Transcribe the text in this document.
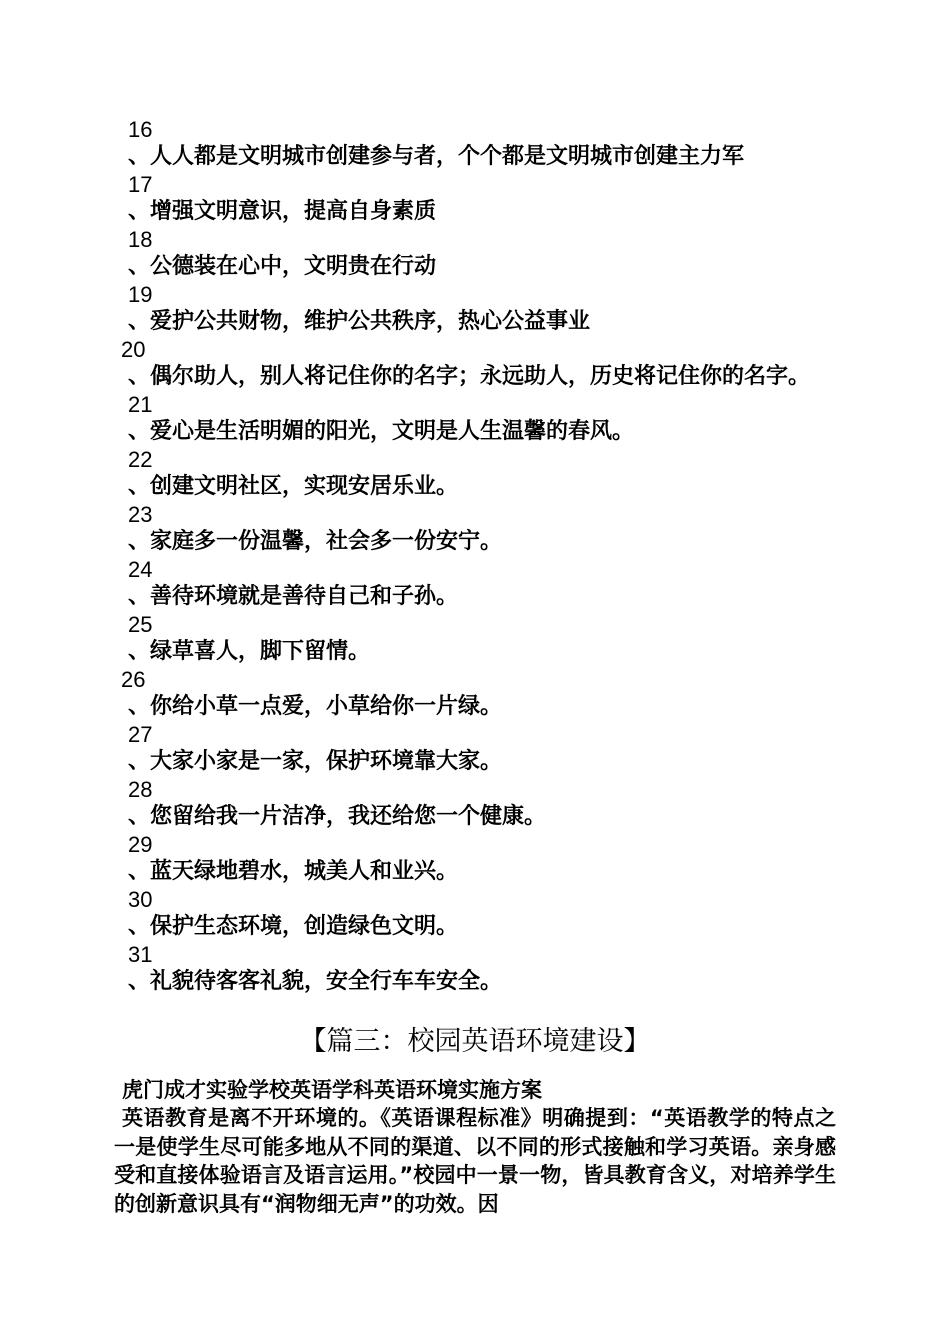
16
、人人都是文明城市创建参与者，个个都是文明城市创建主力军
17
、增强文明意识，提高自身素质
18
、公德装在心中，文明贵在行动
19
、爱护公共财物，维护公共秩序，热心公益事业
20
、偶尔助人，别人将记住你的名字；永远助人，历史将记住你的名字。
21
、爱心是生活明媚的阳光，文明是人生温馨的春风。
22
、创建文明社区，实现安居乐业。
23
、家庭多一份温馨，社会多一份安宁。
24
、善待环境就是善待自己和子孙。
25
、绿草喜人，脚下留情。
26
、你给小草一点爱，小草给你一片绿。
27
、大家小家是一家，保护环境靠大家。
28
、您留给我一片洁净，我还给您一个健康。
29
、蓝天绿地碧水，城美人和业兴。
30
、保护生态环境，创造绿色文明。
31
、礼貌待客客礼貌，安全行车车安全。
【篇三：校园英语环境建设】
虎门成才实验学校英语学科英语环境实施方案

英语教育是离不开环境的。《英语课程标准》明确提到：“英语教学的特点之一是使学生尽可能多地从不同的渠道、以不同的形式接触和学习英语。亲身感受和直接体验语言及语言运用。”校园中一景一物，皆具教育含义，对培养学生的创新意识具有“润物细无声”的功效。因
